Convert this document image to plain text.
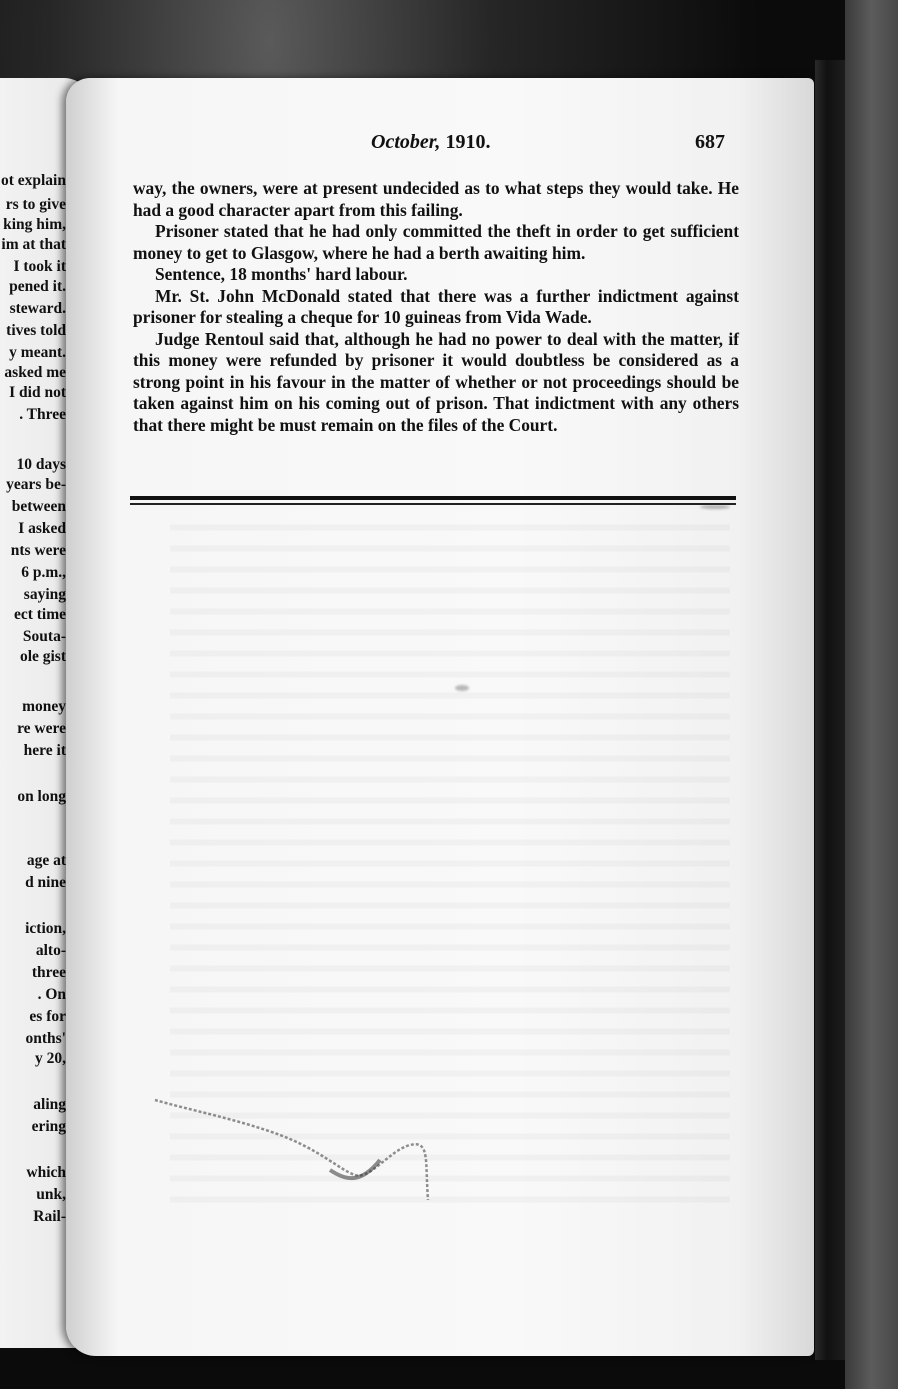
ot explain
rs to give
king him,
im at that
I took it
pened it.
steward.
tives told
y meant.
asked me
I did not
. Three
10 days
years be-
between
I asked
nts were
6 p.m.,
saying
ect time
Souta-
ole gist
money
re were
here it
on long
age at
d nine
iction,
alto-
three
. On
es for
onths'
y 20,
aling
ering
which
unk,
Rail-
October, 1910.	687

way, the owners, were at present undecided as to what steps they would take. He had a good character apart from this failing.

Prisoner stated that he had only committed the theft in order to get sufficient money to get to Glasgow, where he had a berth awaiting him.

Sentence, 18 months' hard labour.

Mr. St. John McDonald stated that there was a further indictment against prisoner for stealing a cheque for 10 guineas from Vida Wade.

Judge Rentoul said that, although he had no power to deal with the matter, if this money were refunded by prisoner it would doubtless be considered as a strong point in his favour in the matter of whether or not proceedings should be taken against him on his coming out of prison. That indictment with any others that there might be must remain on the files of the Court.
